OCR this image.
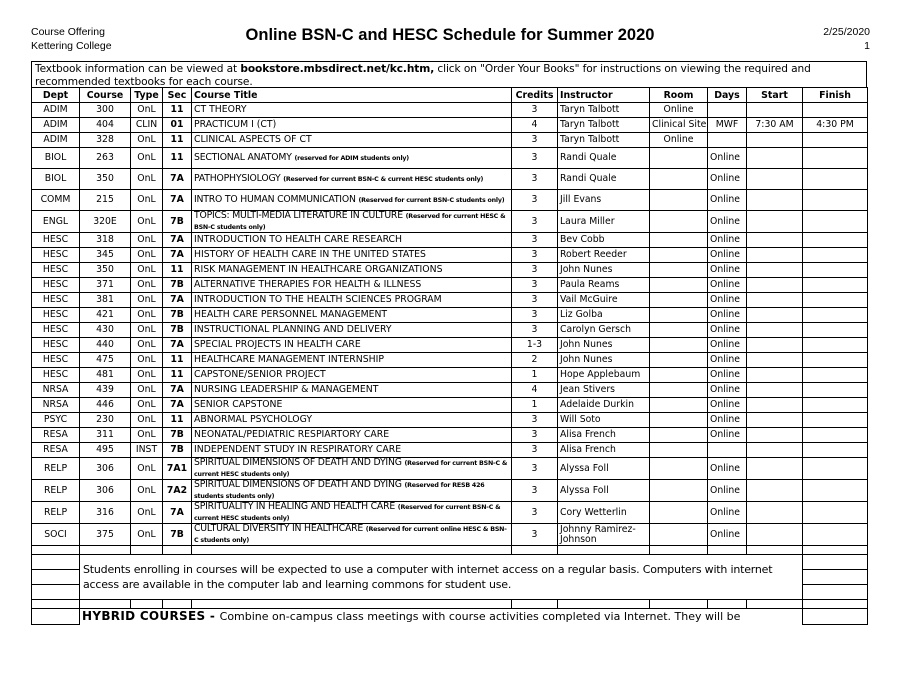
Course Offering
Kettering College
Online BSN-C and HESC Schedule for Summer 2020	2/25/2020
1
Textbook information can be viewed at bookstore.mbsdirect.net/kc.htm, click on "Order Your Books" for instructions on viewing the required and recommended textbooks for each course.
Dept	Course	Type	Sec	Course Title	Credits	Instructor	Room	Days	Start	Finish
ADIM	300	OnL	11	CT THEORY	3	Taryn Talbott	Online			
ADIM	404	CLIN	01	PRACTICUM I (CT)	4	Taryn Talbott	Clinical Site	MWF	7:30 AM	4:30 PM
ADIM	328	OnL	11	CLINICAL ASPECTS OF CT	3	Taryn Talbott	Online			
BIOL	263	OnL	11	SECTIONAL ANATOMY (reserved for ADIM students only)	3	Randi Quale		Online		
BIOL	350	OnL	7A	PATHOPHYSIOLOGY (Reserved for current BSN-C & current HESC students only)	3	Randi Quale		Online		
COMM	215	OnL	7A	INTRO TO HUMAN COMMUNICATION (Reserved for current BSN-C students only)	3	Jill Evans		Online		
ENGL	320E	OnL	7B	TOPICS: MULTI-MEDIA LITERATURE IN CULTURE (Reserved for current HESC & BSN-C students only)	3	Laura Miller		Online		
HESC	318	OnL	7A	INTRODUCTION TO HEALTH CARE RESEARCH	3	Bev Cobb		Online		
HESC	345	OnL	7A	HISTORY OF HEALTH CARE IN THE UNITED STATES	3	Robert Reeder		Online		
HESC	350	OnL	11	RISK MANAGEMENT IN HEALTHCARE ORGANIZATIONS	3	John Nunes		Online		
HESC	371	OnL	7B	ALTERNATIVE THERAPIES FOR HEALTH & ILLNESS	3	Paula Reams		Online		
HESC	381	OnL	7A	INTRODUCTION TO THE HEALTH SCIENCES PROGRAM	3	Vail McGuire		Online		
HESC	421	OnL	7B	HEALTH CARE PERSONNEL MANAGEMENT	3	Liz Golba		Online		
HESC	430	OnL	7B	INSTRUCTIONAL PLANNING AND DELIVERY	3	Carolyn Gersch		Online		
HESC	440	OnL	7A	SPECIAL PROJECTS IN HEALTH CARE	1-3	John Nunes		Online		
HESC	475	OnL	11	HEALTHCARE MANAGEMENT INTERNSHIP	2	John Nunes		Online		
HESC	481	OnL	11	CAPSTONE/SENIOR PROJECT	1	Hope Applebaum		Online		
NRSA	439	OnL	7A	NURSING LEADERSHIP & MANAGEMENT	4	Jean Stivers		Online		
NRSA	446	OnL	7A	SENIOR CAPSTONE	1	Adelaide Durkin		Online		
PSYC	230	OnL	11	ABNORMAL PSYCHOLOGY	3	Will Soto		Online		
RESA	311	OnL	7B	NEONATAL/PEDIATRIC RESPIARTORY CARE	3	Alisa French		Online		
RESA	495	INST	7B	INDEPENDENT STUDY IN RESPIRATORY CARE	3	Alisa French				
RELP	306	OnL	7A1	SPIRITUAL DIMENSIONS OF DEATH AND DYING (Reserved for current BSN-C & current HESC students only)	3	Alyssa Foll		Online		
RELP	306	OnL	7A2	SPIRITUAL DIMENSIONS OF DEATH AND DYING (Reserved for RESB 426 students students only)	3	Alyssa Foll		Online		
RELP	316	OnL	7A	SPIRITUALITY IN HEALING AND HEALTH CARE (Reserved for current BSN-C & current HESC students only)	3	Cory Wetterlin		Online		
SOCI	375	OnL	7B	CULTURAL DIVERSITY IN HEALTHCARE (Reserved for current online HESC & BSN-C students only)	3	Johnny Ramirez-Johnson		Online		

	Students enrolling in courses will be expected to use a computer with internet access on a regular basis. Computers with internet access are available in the computer lab and learning commons for student use.									

	HYBRID COURSES - Combine on-campus class meetings with course activities completed via Internet. They will be									
